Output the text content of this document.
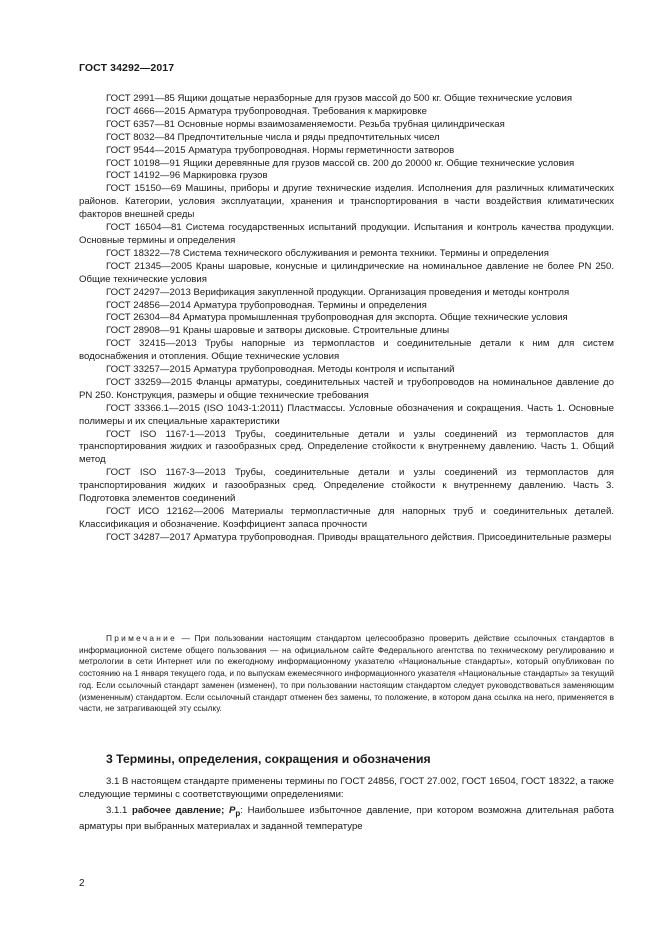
ГОСТ 34292—2017

ГОСТ 2991—85 Ящики дощатые неразборные для грузов массой до 500 кг. Общие технические условия

ГОСТ 4666—2015 Арматура трубопроводная. Требования к маркировке

ГОСТ 6357—81 Основные нормы взаимозаменяемости. Резьба трубная цилиндрическая

ГОСТ 8032—84 Предпочтительные числа и ряды предпочтительных чисел

ГОСТ 9544—2015 Арматура трубопроводная. Нормы герметичности затворов

ГОСТ 10198—91 Ящики деревянные для грузов массой св. 200 до 20000 кг. Общие технические условия

ГОСТ 14192—96 Маркировка грузов

ГОСТ 15150—69 Машины, приборы и другие технические изделия. Исполнения для различных климатических районов. Категории, условия эксплуатации, хранения и транспортирования в части воздействия климатических факторов внешней среды

ГОСТ 16504—81 Система государственных испытаний продукции. Испытания и контроль качества продукции. Основные термины и определения

ГОСТ 18322—78 Система технического обслуживания и ремонта техники. Термины и определения

ГОСТ 21345—2005 Краны шаровые, конусные и цилиндрические на номинальное давление не более PN 250. Общие технические условия

ГОСТ 24297—2013 Верификация закупленной продукции. Организация проведения и методы контроля

ГОСТ 24856—2014 Арматура трубопроводная. Термины и определения

ГОСТ 26304—84 Арматура промышленная трубопроводная для экспорта. Общие технические условия

ГОСТ 28908—91 Краны шаровые и затворы дисковые. Строительные длины

ГОСТ 32415—2013 Трубы напорные из термопластов и соединительные детали к ним для систем водоснабжения и отопления. Общие технические условия

ГОСТ 33257—2015 Арматура трубопроводная. Методы контроля и испытаний

ГОСТ 33259—2015 Фланцы арматуры, соединительных частей и трубопроводов на номинальное давление до PN 250. Конструкция, размеры и общие технические требования

ГОСТ 33366.1—2015 (ISO 1043-1:2011) Пластмассы. Условные обозначения и сокращения. Часть 1. Основные полимеры и их специальные характеристики

ГОСТ ISO 1167-1—2013 Трубы, соединительные детали и узлы соединений из термопластов для транспортирования жидких и газообразных сред. Определение стойкости к внутреннему давлению. Часть 1. Общий метод

ГОСТ ISO 1167-3—2013 Трубы, соединительные детали и узлы соединений из термопластов для транспортирования жидких и газообразных сред. Определение стойкости к внутреннему давлению. Часть 3. Подготовка элементов соединений

ГОСТ ИСО 12162—2006 Материалы термопластичные для напорных труб и соединительных деталей. Классификация и обозначение. Коэффициент запаса прочности

ГОСТ 34287—2017 Арматура трубопроводная. Приводы вращательного действия. Присоединительные размеры

Примечание — При пользовании настоящим стандартом целесообразно проверить действие ссылочных стандартов в информационной системе общего пользования — на официальном сайте Федерального агентства по техническому регулированию и метрологии в сети Интернет или по ежегодному информационному указателю «Национальные стандарты», который опубликован по состоянию на 1 января текущего года, и по выпускам ежемесячного информационного указателя «Национальные стандарты» за текущий год. Если ссылочный стандарт заменен (изменен), то при пользовании настоящим стандартом следует руководствоваться заменяющим (измененным) стандартом. Если ссылочный стандарт отменен без замены, то положение, в котором дана ссылка на него, применяется в части, не затрагивающей эту ссылку.

3 Термины, определения, сокращения и обозначения

3.1 В настоящем стандарте применены термины по ГОСТ 24856, ГОСТ 27.002, ГОСТ 16504, ГОСТ 18322, а также следующие термины с соответствующими определениями:

3.1.1 рабочее давление; $P_p$: Наибольшее избыточное давление, при котором возможна длительная работа арматуры при выбранных материалах и заданной температуре

2
